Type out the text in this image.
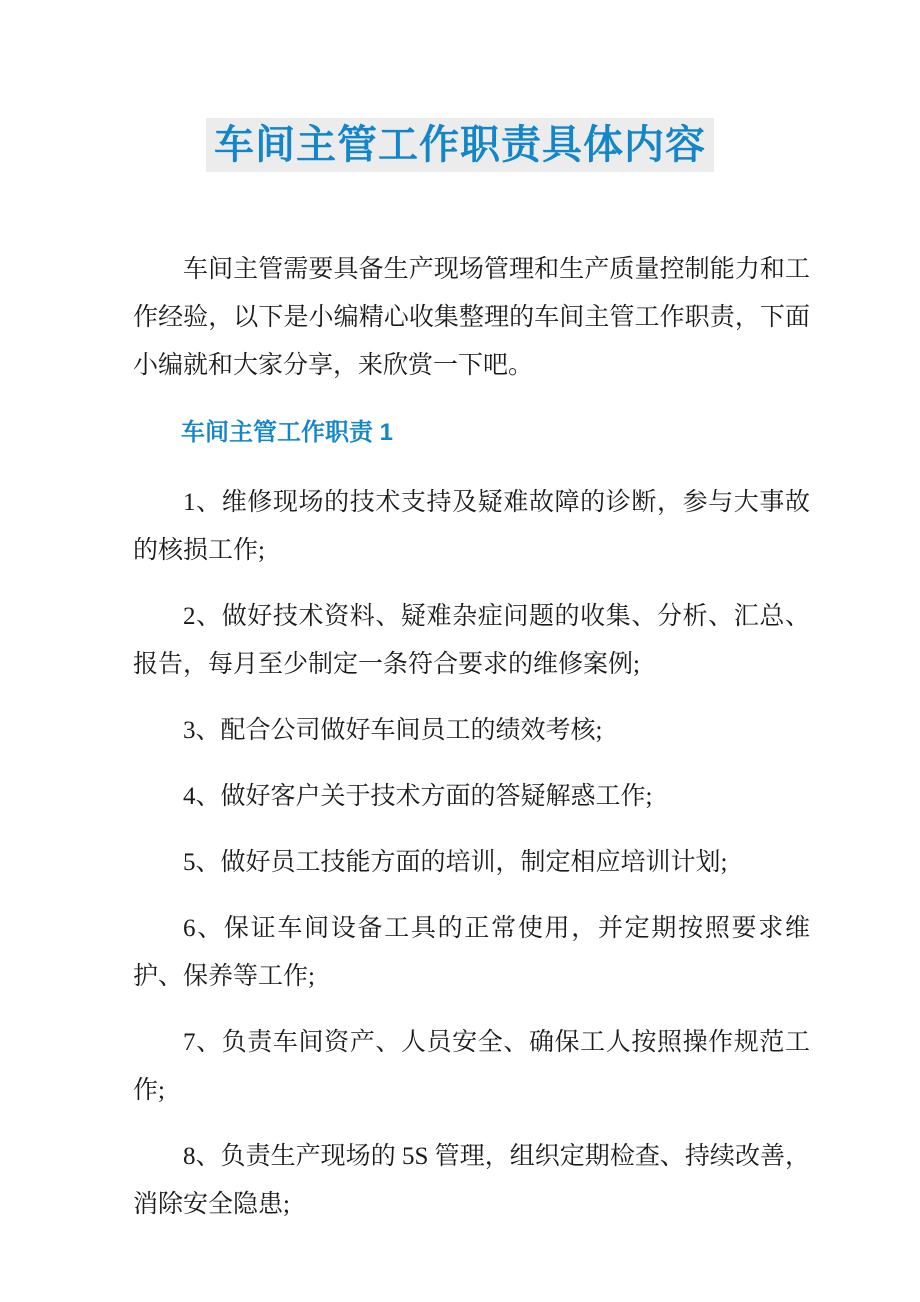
车间主管工作职责具体内容

车间主管需要具备生产现场管理和生产质量控制能力和工作经验，以下是小编精心收集整理的车间主管工作职责，下面小编就和大家分享，来欣赏一下吧。

车间主管工作职责 1

1、维修现场的技术支持及疑难故障的诊断，参与大事故的核损工作;

2、做好技术资料、疑难杂症问题的收集、分析、汇总、报告，每月至少制定一条符合要求的维修案例;

3、配合公司做好车间员工的绩效考核;

4、做好客户关于技术方面的答疑解惑工作;

5、做好员工技能方面的培训，制定相应培训计划;

6、保证车间设备工具的正常使用，并定期按照要求维护、保养等工作;

7、负责车间资产、人员安全、确保工人按照操作规范工作;

8、负责生产现场的 5S 管理，组织定期检查、持续改善，消除安全隐患;
